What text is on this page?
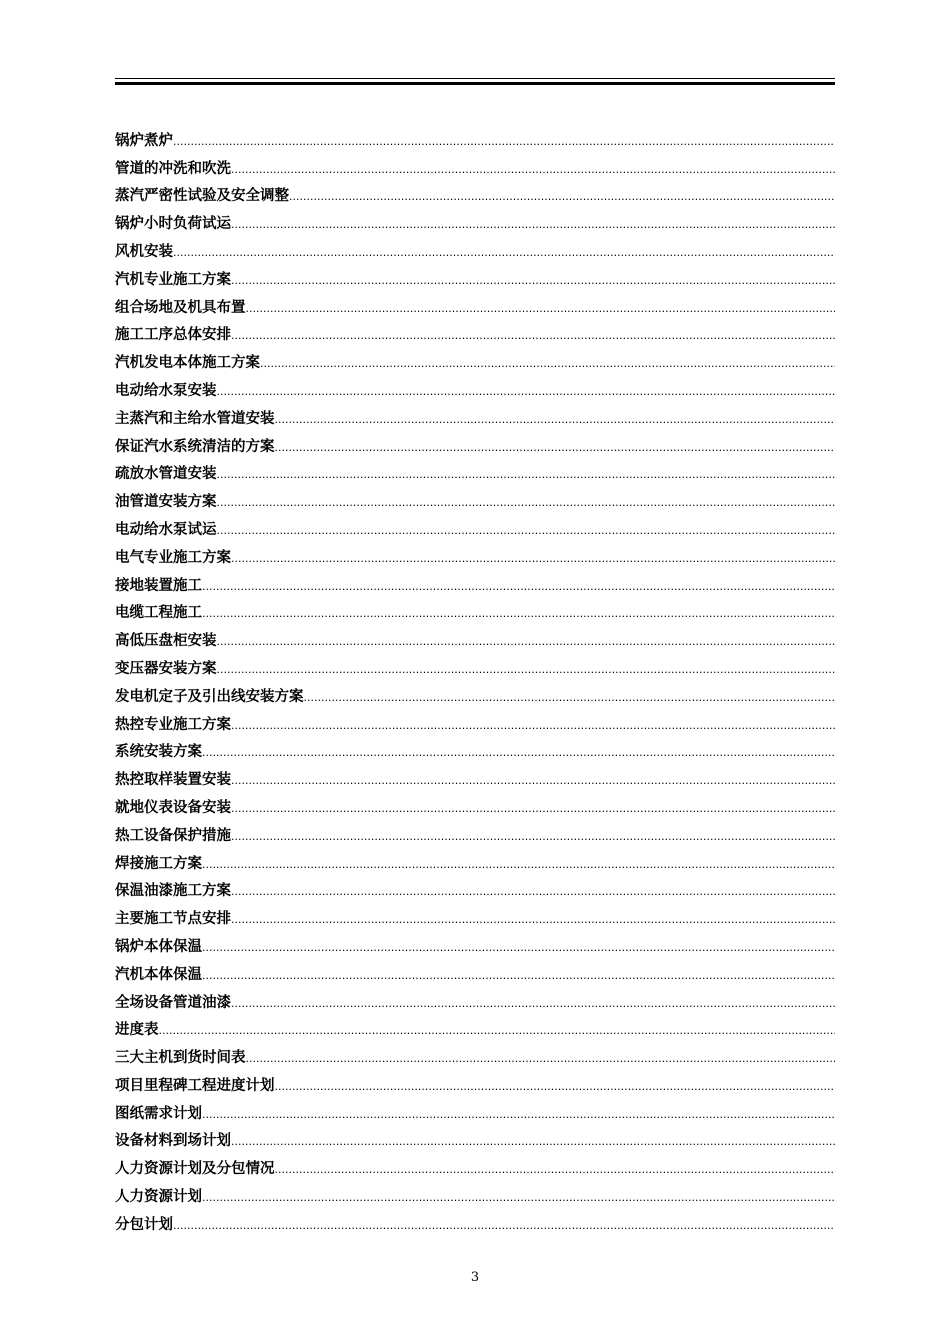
锅炉煮炉
.....
管道的冲洗和吹洗
.....
蒸汽严密性试验及安全调整
.....
锅炉小时负荷试运
.....
风机安装
.....
汽机专业施工方案
.....
组合场地及机具布置
.....
施工工序总体安排
.....
汽机发电本体施工方案
.....
电动给水泵安装
.....
主蒸汽和主给水管道安装
.....
保证汽水系统清洁的方案
.....
疏放水管道安装
.....
油管道安装方案
.....
电动给水泵试运
.....
电气专业施工方案
.....
接地装置施工
.....
电缆工程施工
.....
高低压盘柜安装
.....
变压器安装方案
.....
发电机定子及引出线安装方案
.....
热控专业施工方案
.....
系统安装方案
.....
热控取样装置安装
.....
就地仪表设备安装
.....
热工设备保护措施
.....
焊接施工方案
.....
保温油漆施工方案
.....
主要施工节点安排
.....
锅炉本体保温
.....
汽机本体保温
.....
全场设备管道油漆
.....
进度表
.....
三大主机到货时间表
.....
项目里程碑工程进度计划
.....
图纸需求计划
.....
设备材料到场计划
.....
人力资源计划及分包情况
.....
人力资源计划
.....
分包计划
.....
3
